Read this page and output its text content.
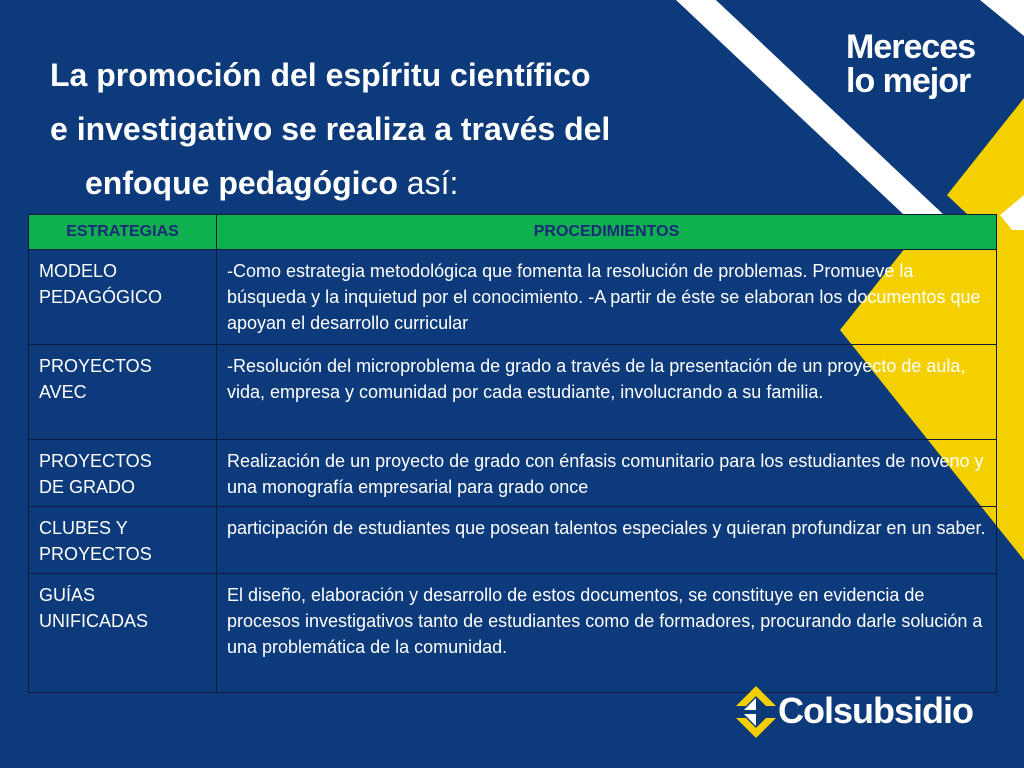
La promoción del espíritu científico
e investigativo se realiza a través del
enfoque pedagógico así:
Mereces
lo mejor
ESTRATEGIAS	PROCEDIMIENTOS
MODELO
PEDAGÓGICO	-Como estrategia metodológica que fomenta la resolución de problemas. Promueve la búsqueda y la inquietud por el conocimiento. -A partir de éste se elaboran los documentos que apoyan el desarrollo curricular
PROYECTOS
AVEC	-Resolución del microproblema de grado a través de la presentación de un proyecto de aula, vida, empresa y comunidad por cada estudiante, involucrando a su familia.
PROYECTOS
DE GRADO	Realización de un proyecto de grado con énfasis comunitario para los estudiantes de noveno y una monografía empresarial para grado once
CLUBES Y
PROYECTOS	participación de estudiantes que posean talentos especiales y quieran profundizar en un saber.
GUÍAS
UNIFICADAS	El diseño, elaboración y desarrollo de estos documentos, se constituye en evidencia de procesos investigativos tanto de estudiantes como de formadores, procurando darle solución a una problemática de la comunidad.
Colsubsidio
